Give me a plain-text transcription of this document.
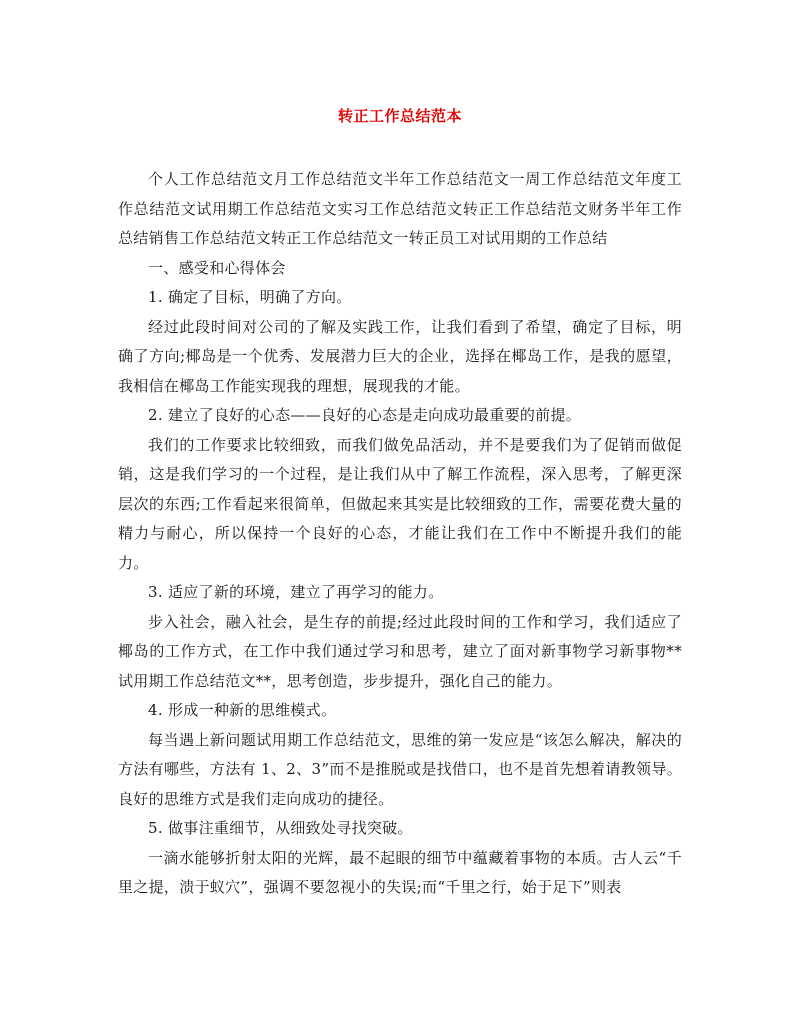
转正工作总结范本

个人工作总结范文月工作总结范文半年工作总结范文一周工作总结范文年度工作总结范文试用期工作总结范文实习工作总结范文转正工作总结范文财务半年工作总结销售工作总结范文转正工作总结范文一转正员工对试用期的工作总结

一、感受和心得体会

1. 确定了目标，明确了方向。

经过此段时间对公司的了解及实践工作，让我们看到了希望，确定了目标，明确了方向;椰岛是一个优秀、发展潜力巨大的企业，选择在椰岛工作，是我的愿望，我相信在椰岛工作能实现我的理想，展现我的才能。

2. 建立了良好的心态——良好的心态是走向成功最重要的前提。

我们的工作要求比较细致，而我们做免品活动，并不是要我们为了促销而做促销，这是我们学习的一个过程，是让我们从中了解工作流程，深入思考，了解更深层次的东西;工作看起来很简单，但做起来其实是比较细致的工作，需要花费大量的精力与耐心，所以保持一个良好的心态，才能让我们在工作中不断提升我们的能力。

3. 适应了新的环境，建立了再学习的能力。

步入社会，融入社会，是生存的前提;经过此段时间的工作和学习，我们适应了椰岛的工作方式，在工作中我们通过学习和思考，建立了面对新事物学习新事物**试用期工作总结范文**，思考创造，步步提升，强化自己的能力。

4. 形成一种新的思维模式。

每当遇上新问题试用期工作总结范文，思维的第一发应是“该怎么解决，解决的方法有哪些，方法有 1、2、3”而不是推脱或是找借口，也不是首先想着请教领导。良好的思维方式是我们走向成功的捷径。

5. 做事注重细节，从细致处寻找突破。

一滴水能够折射太阳的光辉，最不起眼的细节中蕴藏着事物的本质。古人云“千里之提，溃于蚁穴”，强调不要忽视小的失误;而“千里之行，始于足下”则表
